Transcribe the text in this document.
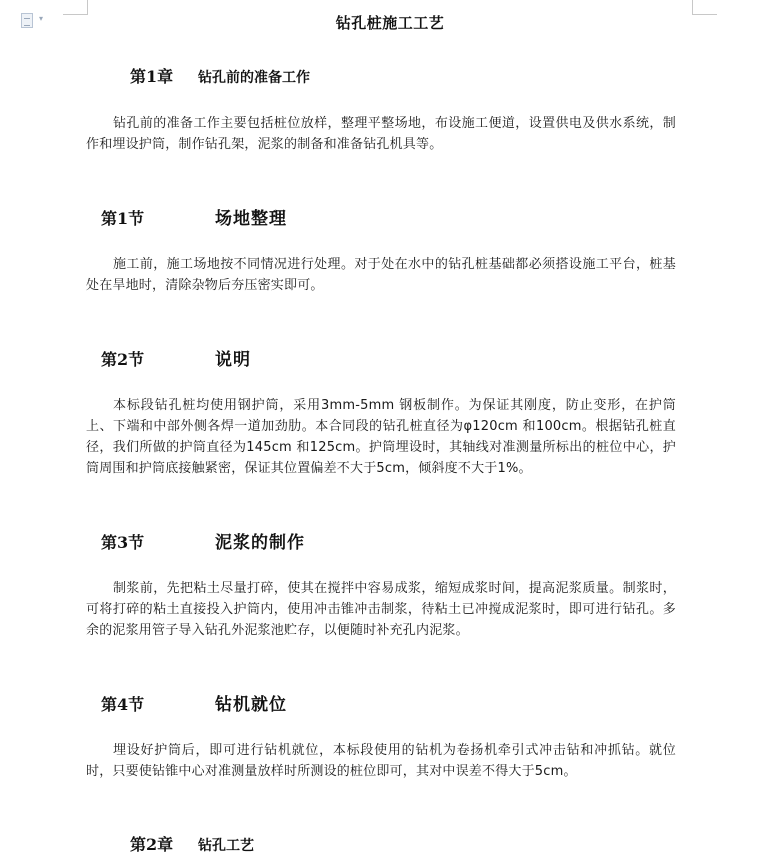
▾	钻孔桩施工工艺
第1章	钻孔前的准备工作

钻孔前的准备工作主要包括桩位放样，整理平整场地，布设施工便道，设置供电及供水系统，制作和埋设护筒，制作钻孔架，泥浆的制备和准备钻孔机具等。

第1节	场地整理

施工前，施工场地按不同情况进行处理。对于处在水中的钻孔桩基础都必须搭设施工平台，桩基处在旱地时，清除杂物后夯压密实即可。

第2节	说明

本标段钻孔桩均使用钢护筒，采用3mm-5mm 钢板制作。为保证其刚度，防止变形，在护筒上、下端和中部外侧各焊一道加劲肋。本合同段的钻孔桩直径为φ120cm 和100cm。根据钻孔桩直径，我们所做的护筒直径为145cm 和125cm。护筒埋设时，其轴线对准测量所标出的桩位中心，护筒周围和护筒底接触紧密，保证其位置偏差不大于5cm，倾斜度不大于1%。

第3节	泥浆的制作

制浆前，先把粘土尽量打碎，使其在搅拌中容易成浆，缩短成浆时间，提高泥浆质量。制浆时，可将打碎的粘土直接投入护筒内，使用冲击锥冲击制浆，待粘土已冲搅成泥浆时，即可进行钻孔。多余的泥浆用管子导入钻孔外泥浆池贮存，以便随时补充孔内泥浆。

第4节	钻机就位

埋设好护筒后，即可进行钻机就位，本标段使用的钻机为卷扬机牵引式冲击钻和冲抓钻。就位时，只要使钻锥中心对准测量放样时所测设的桩位即可，其对中误差不得大于5cm。

第2章	钻孔工艺
